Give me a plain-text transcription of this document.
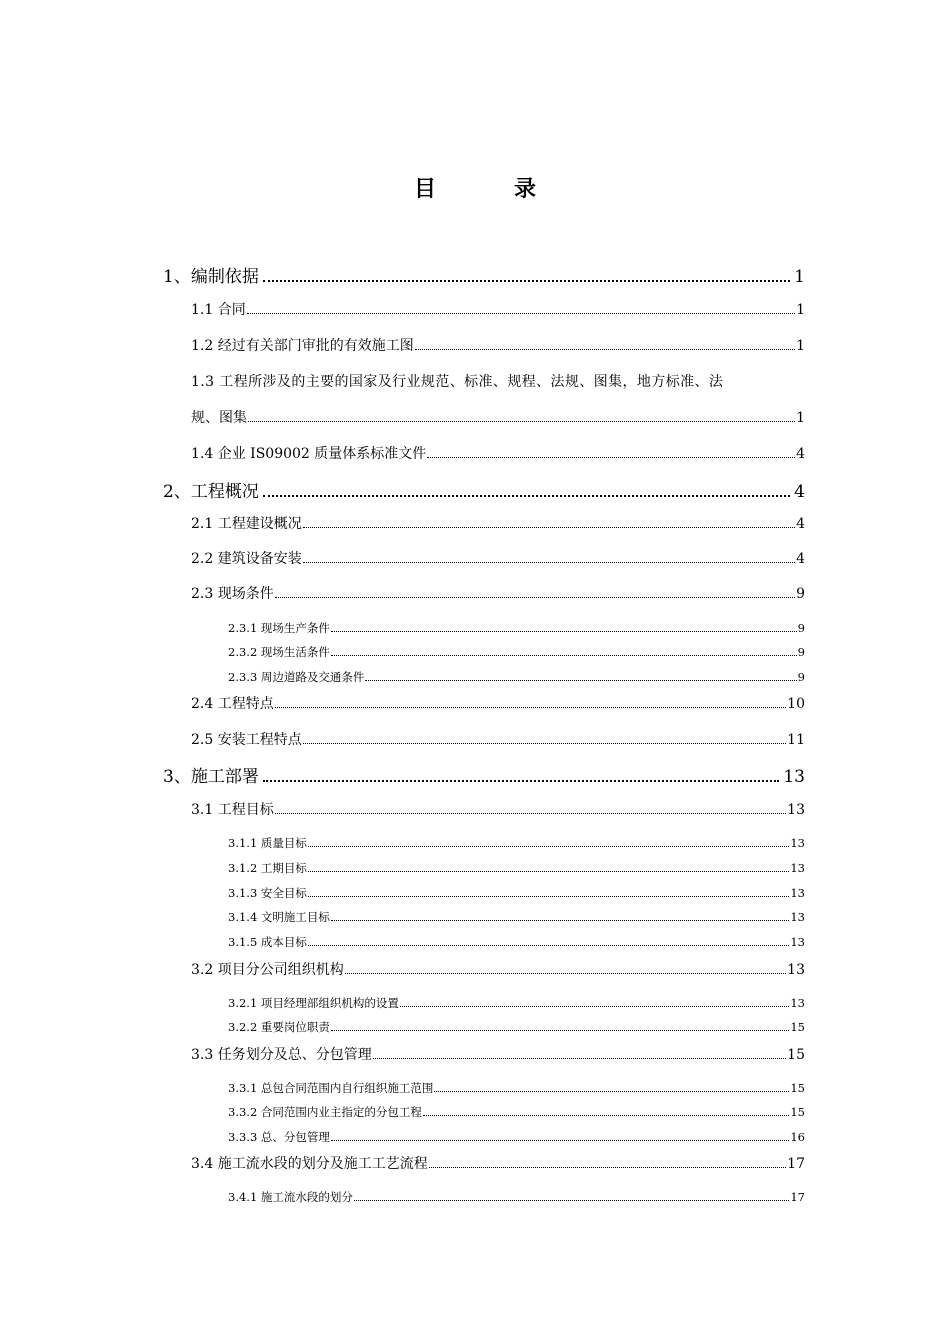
目　录
1、编制依据	1
1.1 合同	1
1.2 经过有关部门审批的有效施工图	1
1.3 工程所涉及的主要的国家及行业规范、标准、规程、法规、图集，地方标准、法
规、图集	1
1.4 企业 IS09002 质量体系标准文件	4
2、工程概况	4
2.1 工程建设概况	4
2.2 建筑设备安装	4
2.3 现场条件	9
2.3.1 现场生产条件	9
2.3.2 现场生活条件	9
2.3.3 周边道路及交通条件	9
2.4 工程特点	10
2.5 安装工程特点	11
3、施工部署	13
3.1 工程目标	13
3.1.1 质量目标	13
3.1.2 工期目标	13
3.1.3 安全目标	13
3.1.4 文明施工目标	13
3.1.5 成本目标	13
3.2 项目分公司组织机构	13
3.2.1 项目经理部组织机构的设置	13
3.2.2 重要岗位职责	15
3.3 任务划分及总、分包管理	15
3.3.1 总包合同范围内自行组织施工范围	15
3.3.2 合同范围内业主指定的分包工程	15
3.3.3 总、分包管理	16
3.4 施工流水段的划分及施工工艺流程	17
3.4.1 施工流水段的划分	17
